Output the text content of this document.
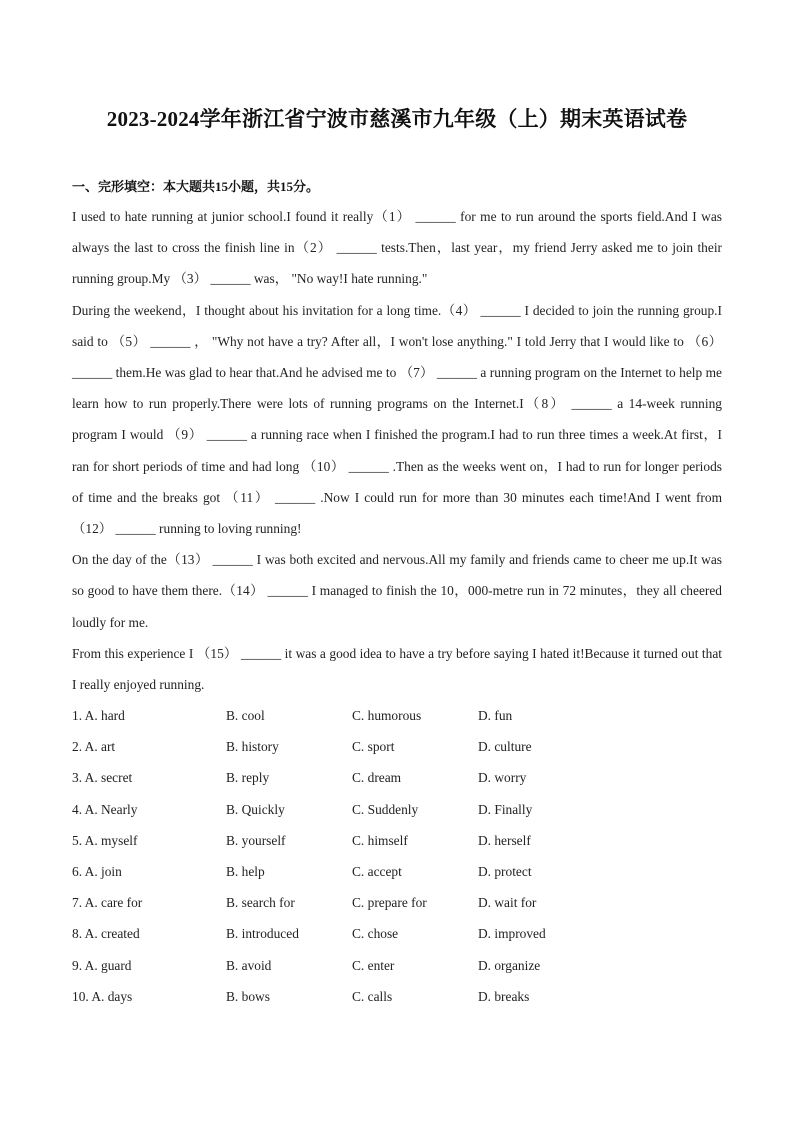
2023-2024学年浙江省宁波市慈溪市九年级（上）期末英语试卷
一、完形填空：本大题共15小题，共15分。

I used to hate running at junior school.I found it really（1） ______ for me to run around the sports field.And I was always the last to cross the finish line in（2） ______ tests.Then，last year，my friend Jerry asked me to join their running group.My （3） ______ was， "No way!I hate running."

During the weekend，I thought about his invitation for a long time.（4） ______ I decided to join the running group.I said to （5） ______ ， "Why not have a try? After all，I won't lose anything." I told Jerry that I would like to （6） ______ them.He was glad to hear that.And he advised me to （7） ______ a running program on the Internet to help me learn how to run properly.There were lots of running programs on the Internet.I（8） ______ a 14-week running program I would （9） ______ a running race when I finished the program.I had to run three times a week.At first，I ran for short periods of time and had long （10） ______ .Then as the weeks went on，I had to run for longer periods of time and the breaks got （11） ______ .Now I could run for more than 30 minutes each time!And I went from （12） ______ running to loving running!

On the day of the（13） ______ I was both excited and nervous.All my family and friends came to cheer me up.It was so good to have them there.（14） ______ I managed to finish the 10，000-metre run in 72 minutes，they all cheered loudly for me.

From this experience I （15） ______ it was a good idea to have a try before saying I hated it!Because it turned out that I really enjoyed running.

1. A. hard	B. cool	C. humorous	D. fun
2. A. art	B. history	C. sport	D. culture
3. A. secret	B. reply	C. dream	D. worry
4. A. Nearly	B. Quickly	C. Suddenly	D. Finally
5. A. myself	B. yourself	C. himself	D. herself
6. A. join	B. help	C. accept	D. protect
7. A. care for	B. search for	C. prepare for	D. wait for
8. A. created	B. introduced	C. chose	D. improved
9. A. guard	B. avoid	C. enter	D. organize
10. A. days	B. bows	C. calls	D. breaks
